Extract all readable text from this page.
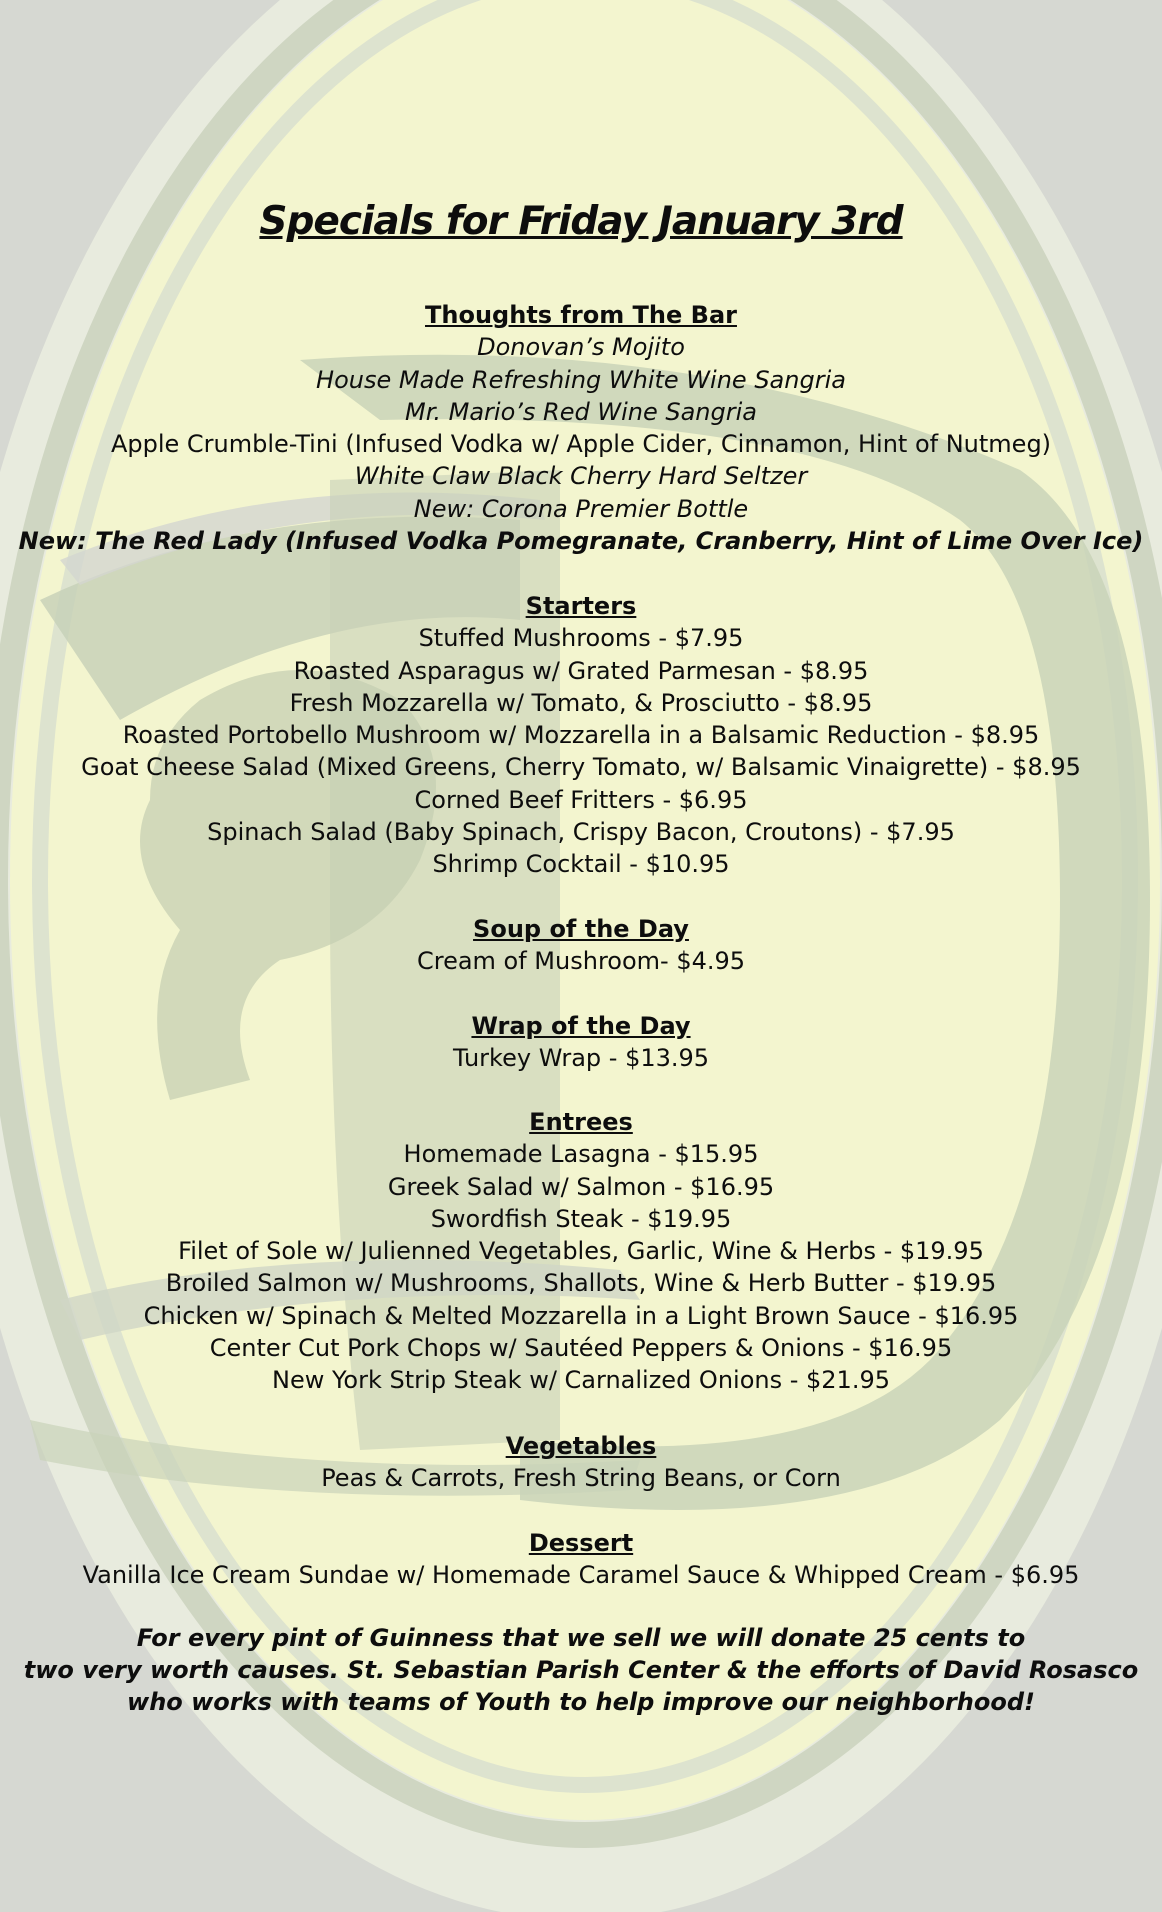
Specials for Friday January 3rd
Thoughts from The Bar
Donovan’s Mojito
House Made Refreshing White Wine Sangria
Mr. Mario’s Red Wine Sangria
Apple Crumble-Tini (Infused Vodka w/ Apple Cider, Cinnamon, Hint of Nutmeg)
White Claw Black Cherry Hard Seltzer
New: Corona Premier Bottle
New: The Red Lady (Infused Vodka Pomegranate, Cranberry, Hint of Lime Over Ice)
Starters
Stuffed Mushrooms - $7.95
Roasted Asparagus w/ Grated Parmesan - $8.95
Fresh Mozzarella w/ Tomato, & Prosciutto - $8.95
Roasted Portobello Mushroom w/ Mozzarella in a Balsamic Reduction - $8.95
Goat Cheese Salad (Mixed Greens, Cherry Tomato, w/ Balsamic Vinaigrette) - $8.95
Corned Beef Fritters - $6.95
Spinach Salad (Baby Spinach, Crispy Bacon, Croutons) - $7.95
Shrimp Cocktail - $10.95
Soup of the Day
Cream of Mushroom- $4.95
Wrap of the Day
Turkey Wrap - $13.95
Entrees
Homemade Lasagna - $15.95
Greek Salad w/ Salmon - $16.95
Swordfish Steak - $19.95
Filet of Sole w/ Julienned Vegetables, Garlic, Wine & Herbs - $19.95
Broiled Salmon w/ Mushrooms, Shallots, Wine & Herb Butter - $19.95
Chicken w/ Spinach & Melted Mozzarella in a Light Brown Sauce - $16.95
Center Cut Pork Chops w/ Sautéed Peppers & Onions - $16.95
New York Strip Steak w/ Carnalized Onions - $21.95
Vegetables
Peas & Carrots, Fresh String Beans, or Corn
Dessert
Vanilla Ice Cream Sundae w/ Homemade Caramel Sauce & Whipped Cream - $6.95
For every pint of Guinness that we sell we will donate 25 cents to
two very worth causes. St. Sebastian Parish Center & the efforts of David Rosasco
who works with teams of Youth to help improve our neighborhood!
